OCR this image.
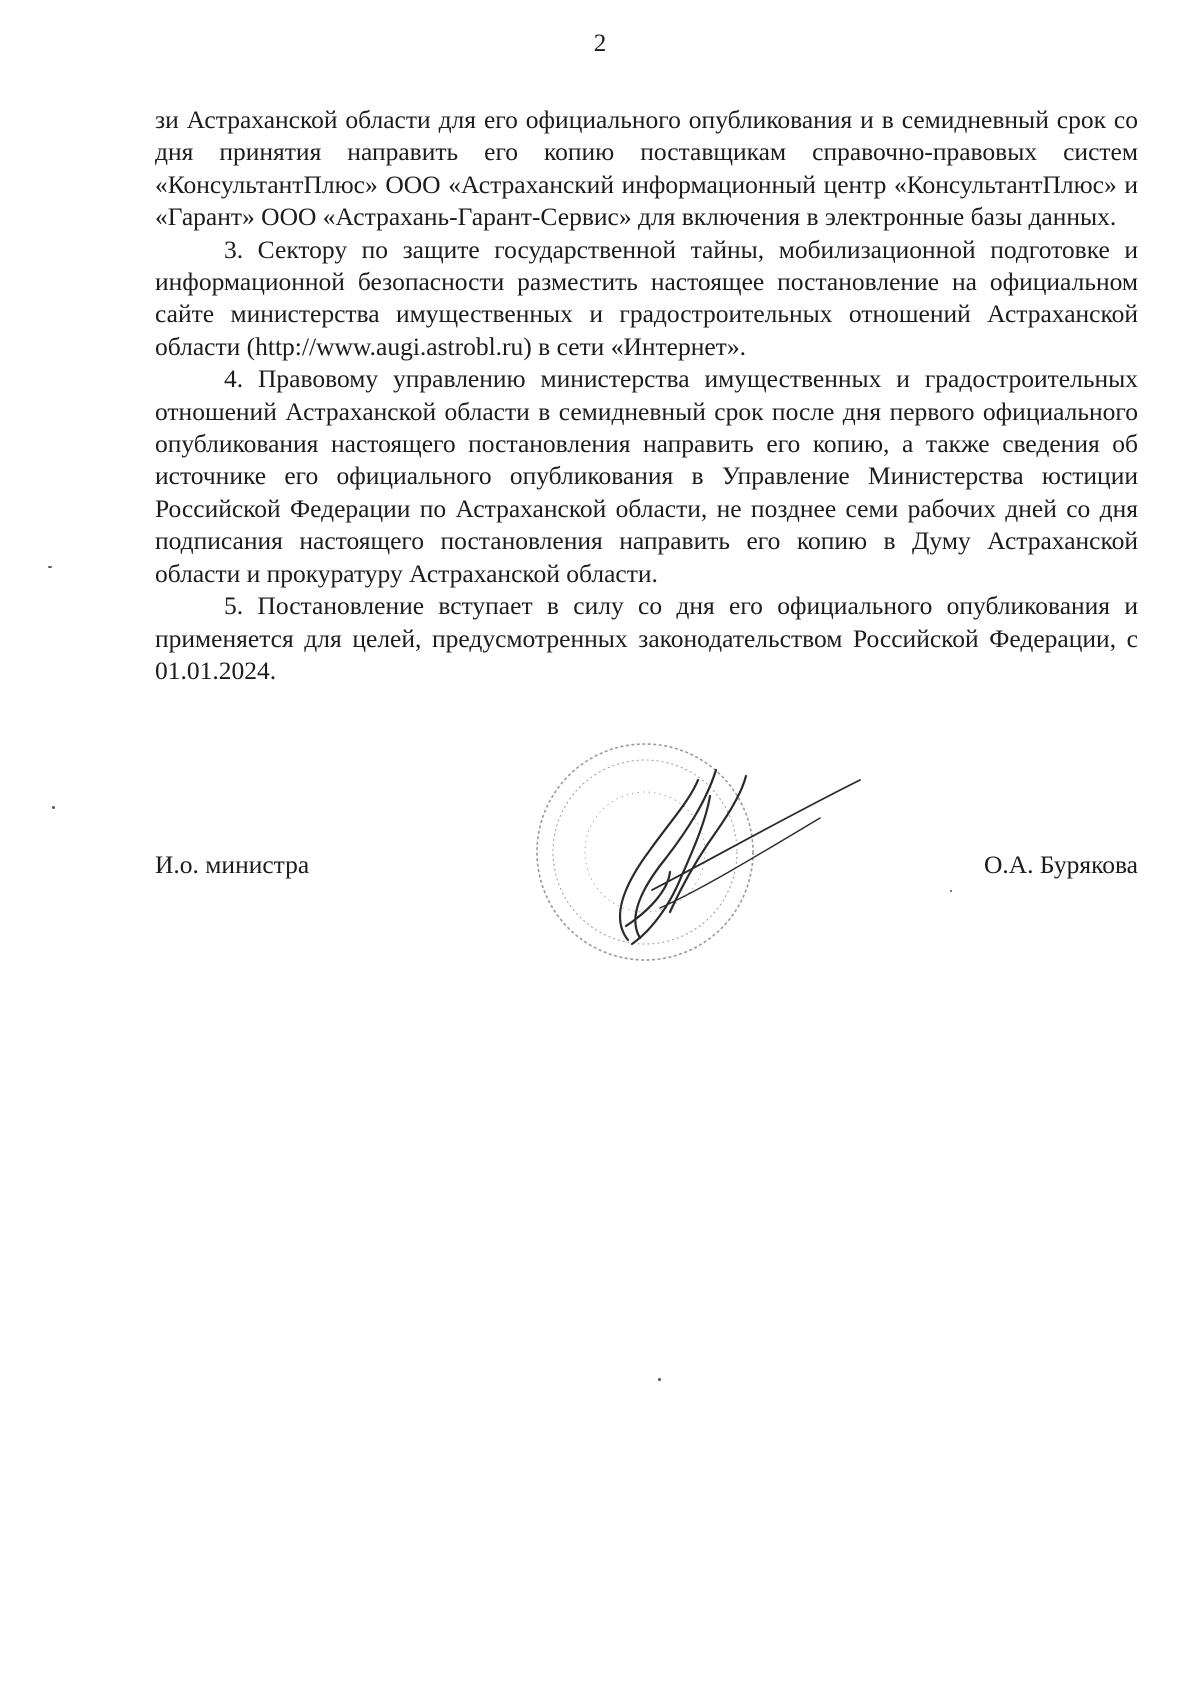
2

зи Астраханской области для его официального опубликования и в семидневный срок со дня принятия направить его копию поставщикам справочно-правовых систем «КонсультантПлюс» ООО «Астраханский информационный центр «КонсультантПлюс» и «Гарант» ООО «Астрахань-Гарант-Сервис» для включения в электронные базы данных.

3. Сектору по защите государственной тайны, мобилизационной подготовке и информационной безопасности разместить настоящее постановление на официальном сайте министерства имущественных и градостроительных отношений Астраханской области (http://www.augi.astrobl.ru) в сети «Интернет».

4. Правовому управлению министерства имущественных и градостроительных отношений Астраханской области в семидневный срок после дня первого официального опубликования настоящего постановления направить его копию, а также сведения об источнике его официального опубликования в Управление Министерства юстиции Российской Федерации по Астраханской области, не позднее семи рабочих дней со дня подписания настоящего постановления направить его копию в Думу Астраханской области и прокуратуру Астраханской области.

5. Постановление вступает в силу со дня его официального опубликования и применяется для целей, предусмотренных законодательством Российской Федерации, с 01.01.2024.

И.о. министра	О.А. Бурякова
